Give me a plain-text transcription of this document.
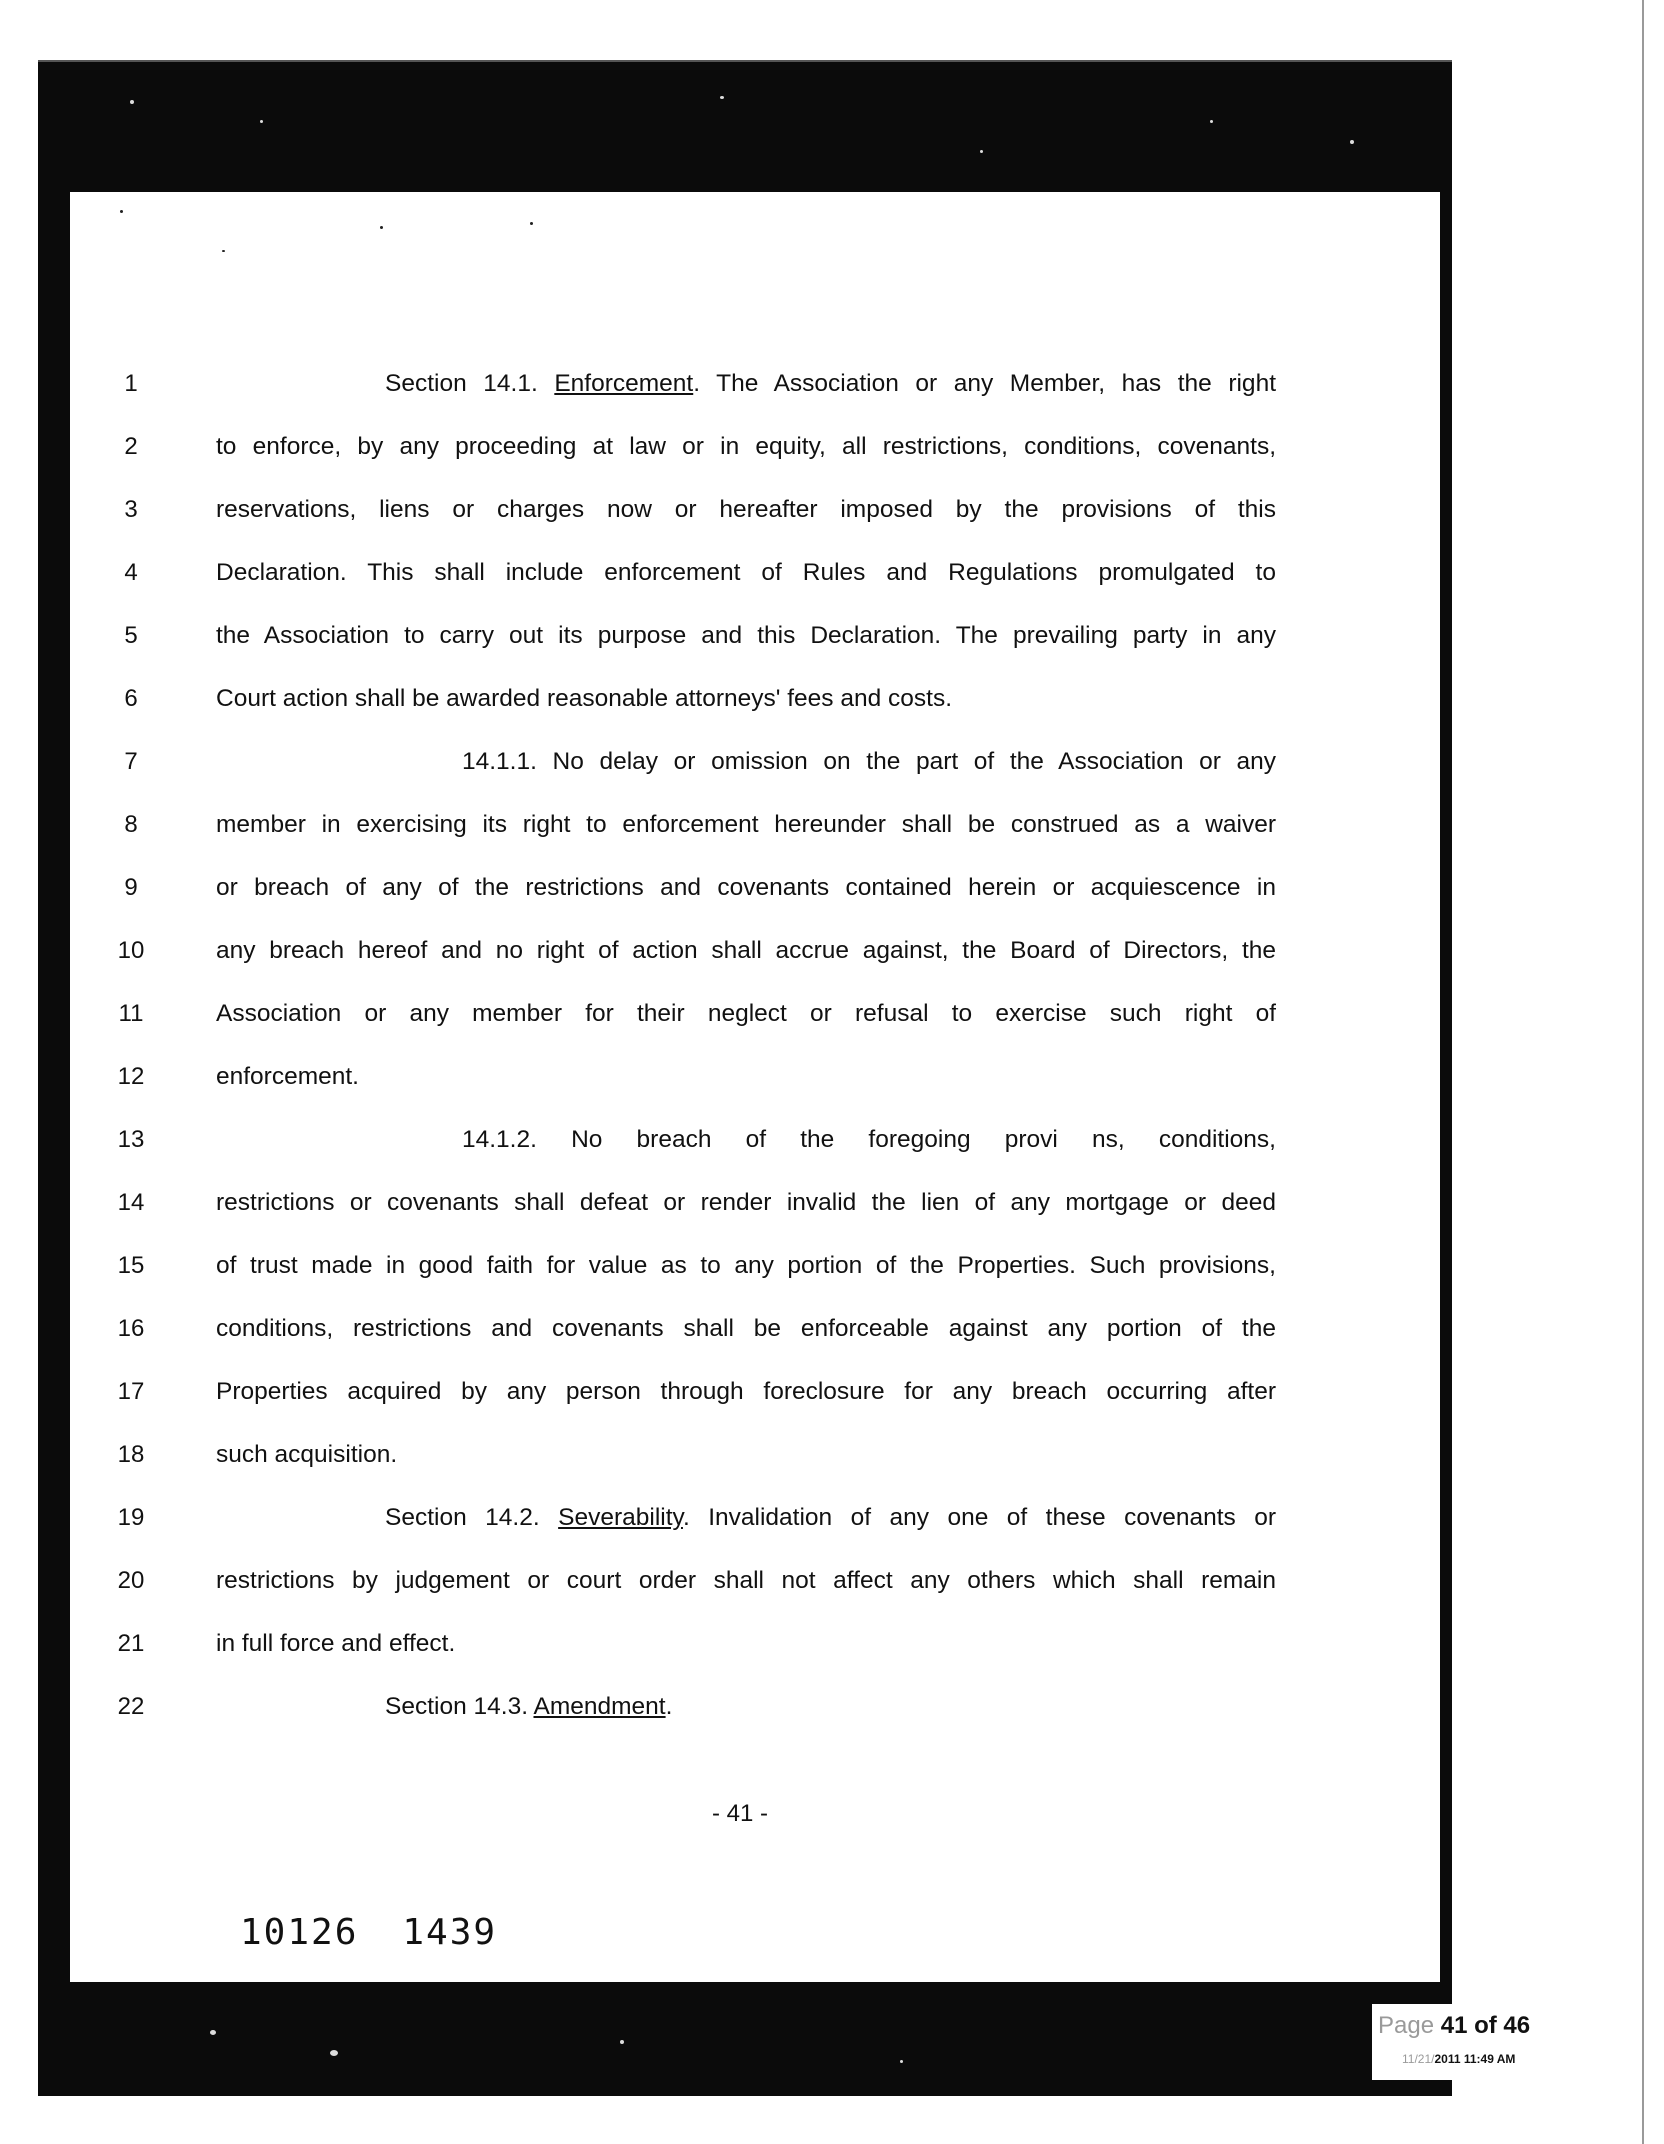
1	Section 14.1. Enforcement. The Association or any Member, has the right
2	to enforce, by any proceeding at law or in equity, all restrictions, conditions, covenants,
3	reservations, liens or charges now or hereafter imposed by the provisions of this
4	Declaration. This shall include enforcement of Rules and Regulations promulgated to
5	the Association to carry out its purpose and this Declaration. The prevailing party in any
6	Court action shall be awarded reasonable attorneys' fees and costs.
7	14.1.1. No delay or omission on the part of the Association or any
8	member in exercising its right to enforcement hereunder shall be construed as a waiver
9	or breach of any of the restrictions and covenants contained herein or acquiescence in
10	any breach hereof and no right of action shall accrue against, the Board of Directors, the
11	Association or any member for their neglect or refusal to exercise such right of
12	enforcement.
13	14.1.2. No breach of the foregoing provi ns, conditions,
14	restrictions or covenants shall defeat or render invalid the lien of any mortgage or deed
15	of trust made in good faith for value as to any portion of the Properties. Such provisions,
16	conditions, restrictions and covenants shall be enforceable against any portion of the
17	Properties acquired by any person through foreclosure for any breach occurring after
18	such acquisition.
19	Section 14.2. Severability. Invalidation of any one of these covenants or
20	restrictions by judgement or court order shall not affect any others which shall remain
21	in full force and effect.
22	Section 14.3. Amendment.
- 41 -
10126 1439
Page 41 of 46
11/21/2011 11:49 AM
